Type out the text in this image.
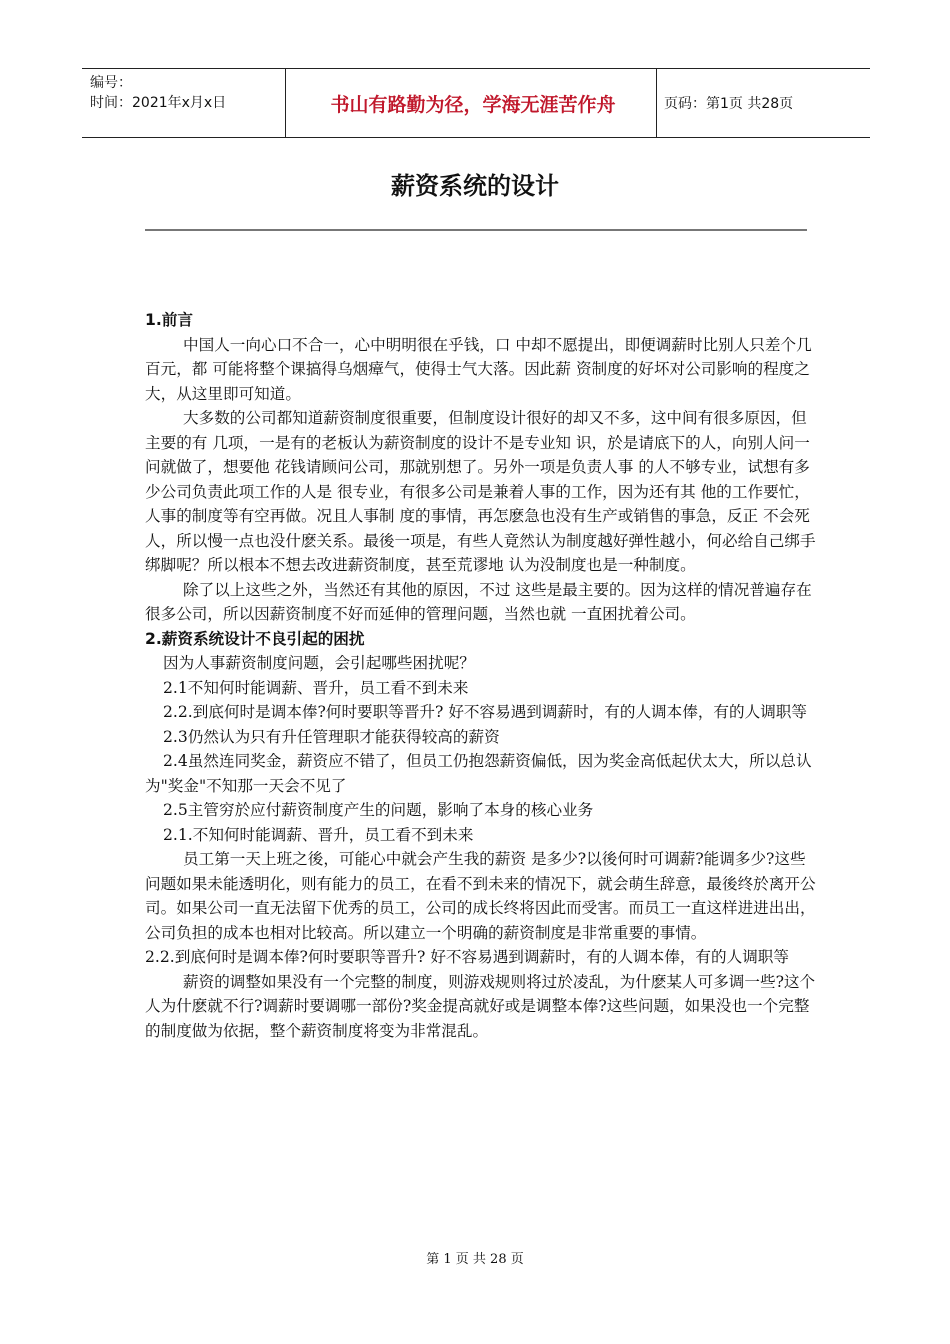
编号：
时间：2021年x月x日	书山有路勤为径，学海无涯苦作舟	页码：第1页 共28页
薪资系统的设计

1.前言

中国人一向心口不合一，心中明明很在乎钱，口 中却不愿提出，即便调薪时比别人只差个几百元，都 可能将整个课搞得乌烟瘴气，使得士气大落。因此薪 资制度的好坏对公司影响的程度之大，从这里即可知道。

大多数的公司都知道薪资制度很重要，但制度设计很好的却又不多，这中间有很多原因，但主要的有 几项，一是有的老板认为薪资制度的设计不是专业知 识，於是请底下的人，向别人问一问就做了，想要他 花钱请顾问公司，那就别想了。另外一项是负责人事 的人不够专业，试想有多少公司负责此项工作的人是 很专业，有很多公司是兼着人事的工作，因为还有其 他的工作要忙，人事的制度等有空再做。况且人事制 度的事情，再怎麽急也没有生产或销售的事急，反正 不会死人，所以慢一点也没什麽关系。最後一项是，有些人竟然认为制度越好弹性越小，何必给自己绑手 绑脚呢？所以根本不想去改进薪资制度，甚至荒谬地 认为没制度也是一种制度。

除了以上这些之外，当然还有其他的原因，不过 这些是最主要的。因为这样的情况普遍存在很多公司，所以因薪资制度不好而延伸的管理问题，当然也就 一直困扰着公司。

2.薪资系统设计不良引起的困扰

因为人事薪资制度问题，会引起哪些困扰呢？

2.1不知何时能调薪、晋升，员工看不到未来

2.2.到底何时是调本俸?何时要职等晋升? 好不容易遇到调薪时，有的人调本俸，有的人调职等

2.3仍然认为只有升任管理职才能获得较高的薪资

2.4虽然连同奖金，薪资应不错了，但员工仍抱怨薪资偏低，因为奖金高低起伏太大，所以总认为"奖金"不知那一天会不见了

2.5主管穷於应付薪资制度产生的问题，影响了本身的核心业务

2.1.不知何时能调薪、晋升，员工看不到未来

员工第一天上班之後，可能心中就会产生我的薪资 是多少?以後何时可调薪?能调多少?这些问题如果未能透明化，则有能力的员工，在看不到未来的情况下，就会萌生辞意，最後终於离开公司。如果公司一直无法留下优秀的员工，公司的成长终将因此而受害。而员工一直这样进进出出，公司负担的成本也相对比较高。所以建立一个明确的薪资制度是非常重要的事情。

2.2.到底何时是调本俸?何时要职等晋升? 好不容易遇到调薪时，有的人调本俸，有的人调职等

薪资的调整如果没有一个完整的制度，则游戏规则将过於凌乱，为什麽某人可多调一些?这个人为什麽就不行?调薪时要调哪一部份?奖金提高就好或是调整本俸?这些问题，如果没也一个完整的制度做为依据，整个薪资制度将变为非常混乱。

第 1 页 共 28 页
